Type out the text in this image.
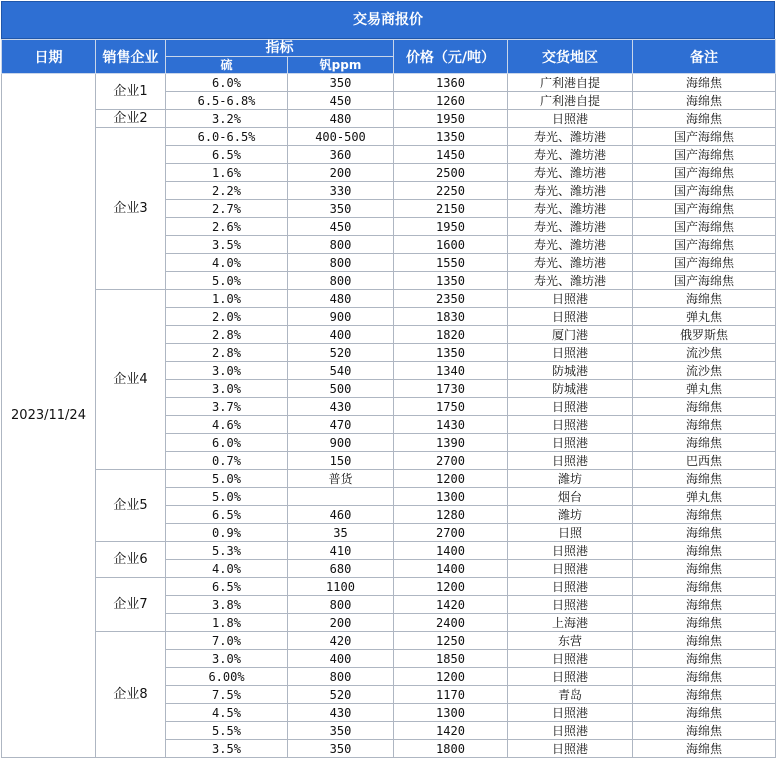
交易商报价
日期	销售企业	指标		价格（元/吨）	交货地区	备注
		硫	钒ppm			
2023/11/24	企业1	6.0%	350	1360	广利港自提	海绵焦
		6.5-6.8%	450	1260	广利港自提	海绵焦
	企业2	3.2%	480	1950	日照港	海绵焦
	企业3	6.0-6.5%	400-500	1350	寿光、潍坊港	国产海绵焦
		6.5%	360	1450	寿光、潍坊港	国产海绵焦
		1.6%	200	2500	寿光、潍坊港	国产海绵焦
		2.2%	330	2250	寿光、潍坊港	国产海绵焦
		2.7%	350	2150	寿光、潍坊港	国产海绵焦
		2.6%	450	1950	寿光、潍坊港	国产海绵焦
		3.5%	800	1600	寿光、潍坊港	国产海绵焦
		4.0%	800	1550	寿光、潍坊港	国产海绵焦
		5.0%	800	1350	寿光、潍坊港	国产海绵焦
	企业4	1.0%	480	2350	日照港	海绵焦
		2.0%	900	1830	日照港	弹丸焦
		2.8%	400	1820	厦门港	俄罗斯焦
		2.8%	520	1350	日照港	流沙焦
		3.0%	540	1340	防城港	流沙焦
		3.0%	500	1730	防城港	弹丸焦
		3.7%	430	1750	日照港	海绵焦
		4.6%	470	1430	日照港	海绵焦
		6.0%	900	1390	日照港	海绵焦
		0.7%	150	2700	日照港	巴西焦
	企业5	5.0%	普货	1200	潍坊	海绵焦
		5.0%		1300	烟台	弹丸焦
		6.5%	460	1280	潍坊	海绵焦
		0.9%	35	2700	日照	海绵焦
	企业6	5.3%	410	1400	日照港	海绵焦
		4.0%	680	1400	日照港	海绵焦
	企业7	6.5%	1100	1200	日照港	海绵焦
		3.8%	800	1420	日照港	海绵焦
		1.8%	200	2400	上海港	海绵焦
	企业8	7.0%	420	1250	东营	海绵焦
		3.0%	400	1850	日照港	海绵焦
		6.00%	800	1200	日照港	海绵焦
		7.5%	520	1170	青岛	海绵焦
		4.5%	430	1300	日照港	海绵焦
		5.5%	350	1420	日照港	海绵焦
		3.5%	350	1800	日照港	海绵焦
